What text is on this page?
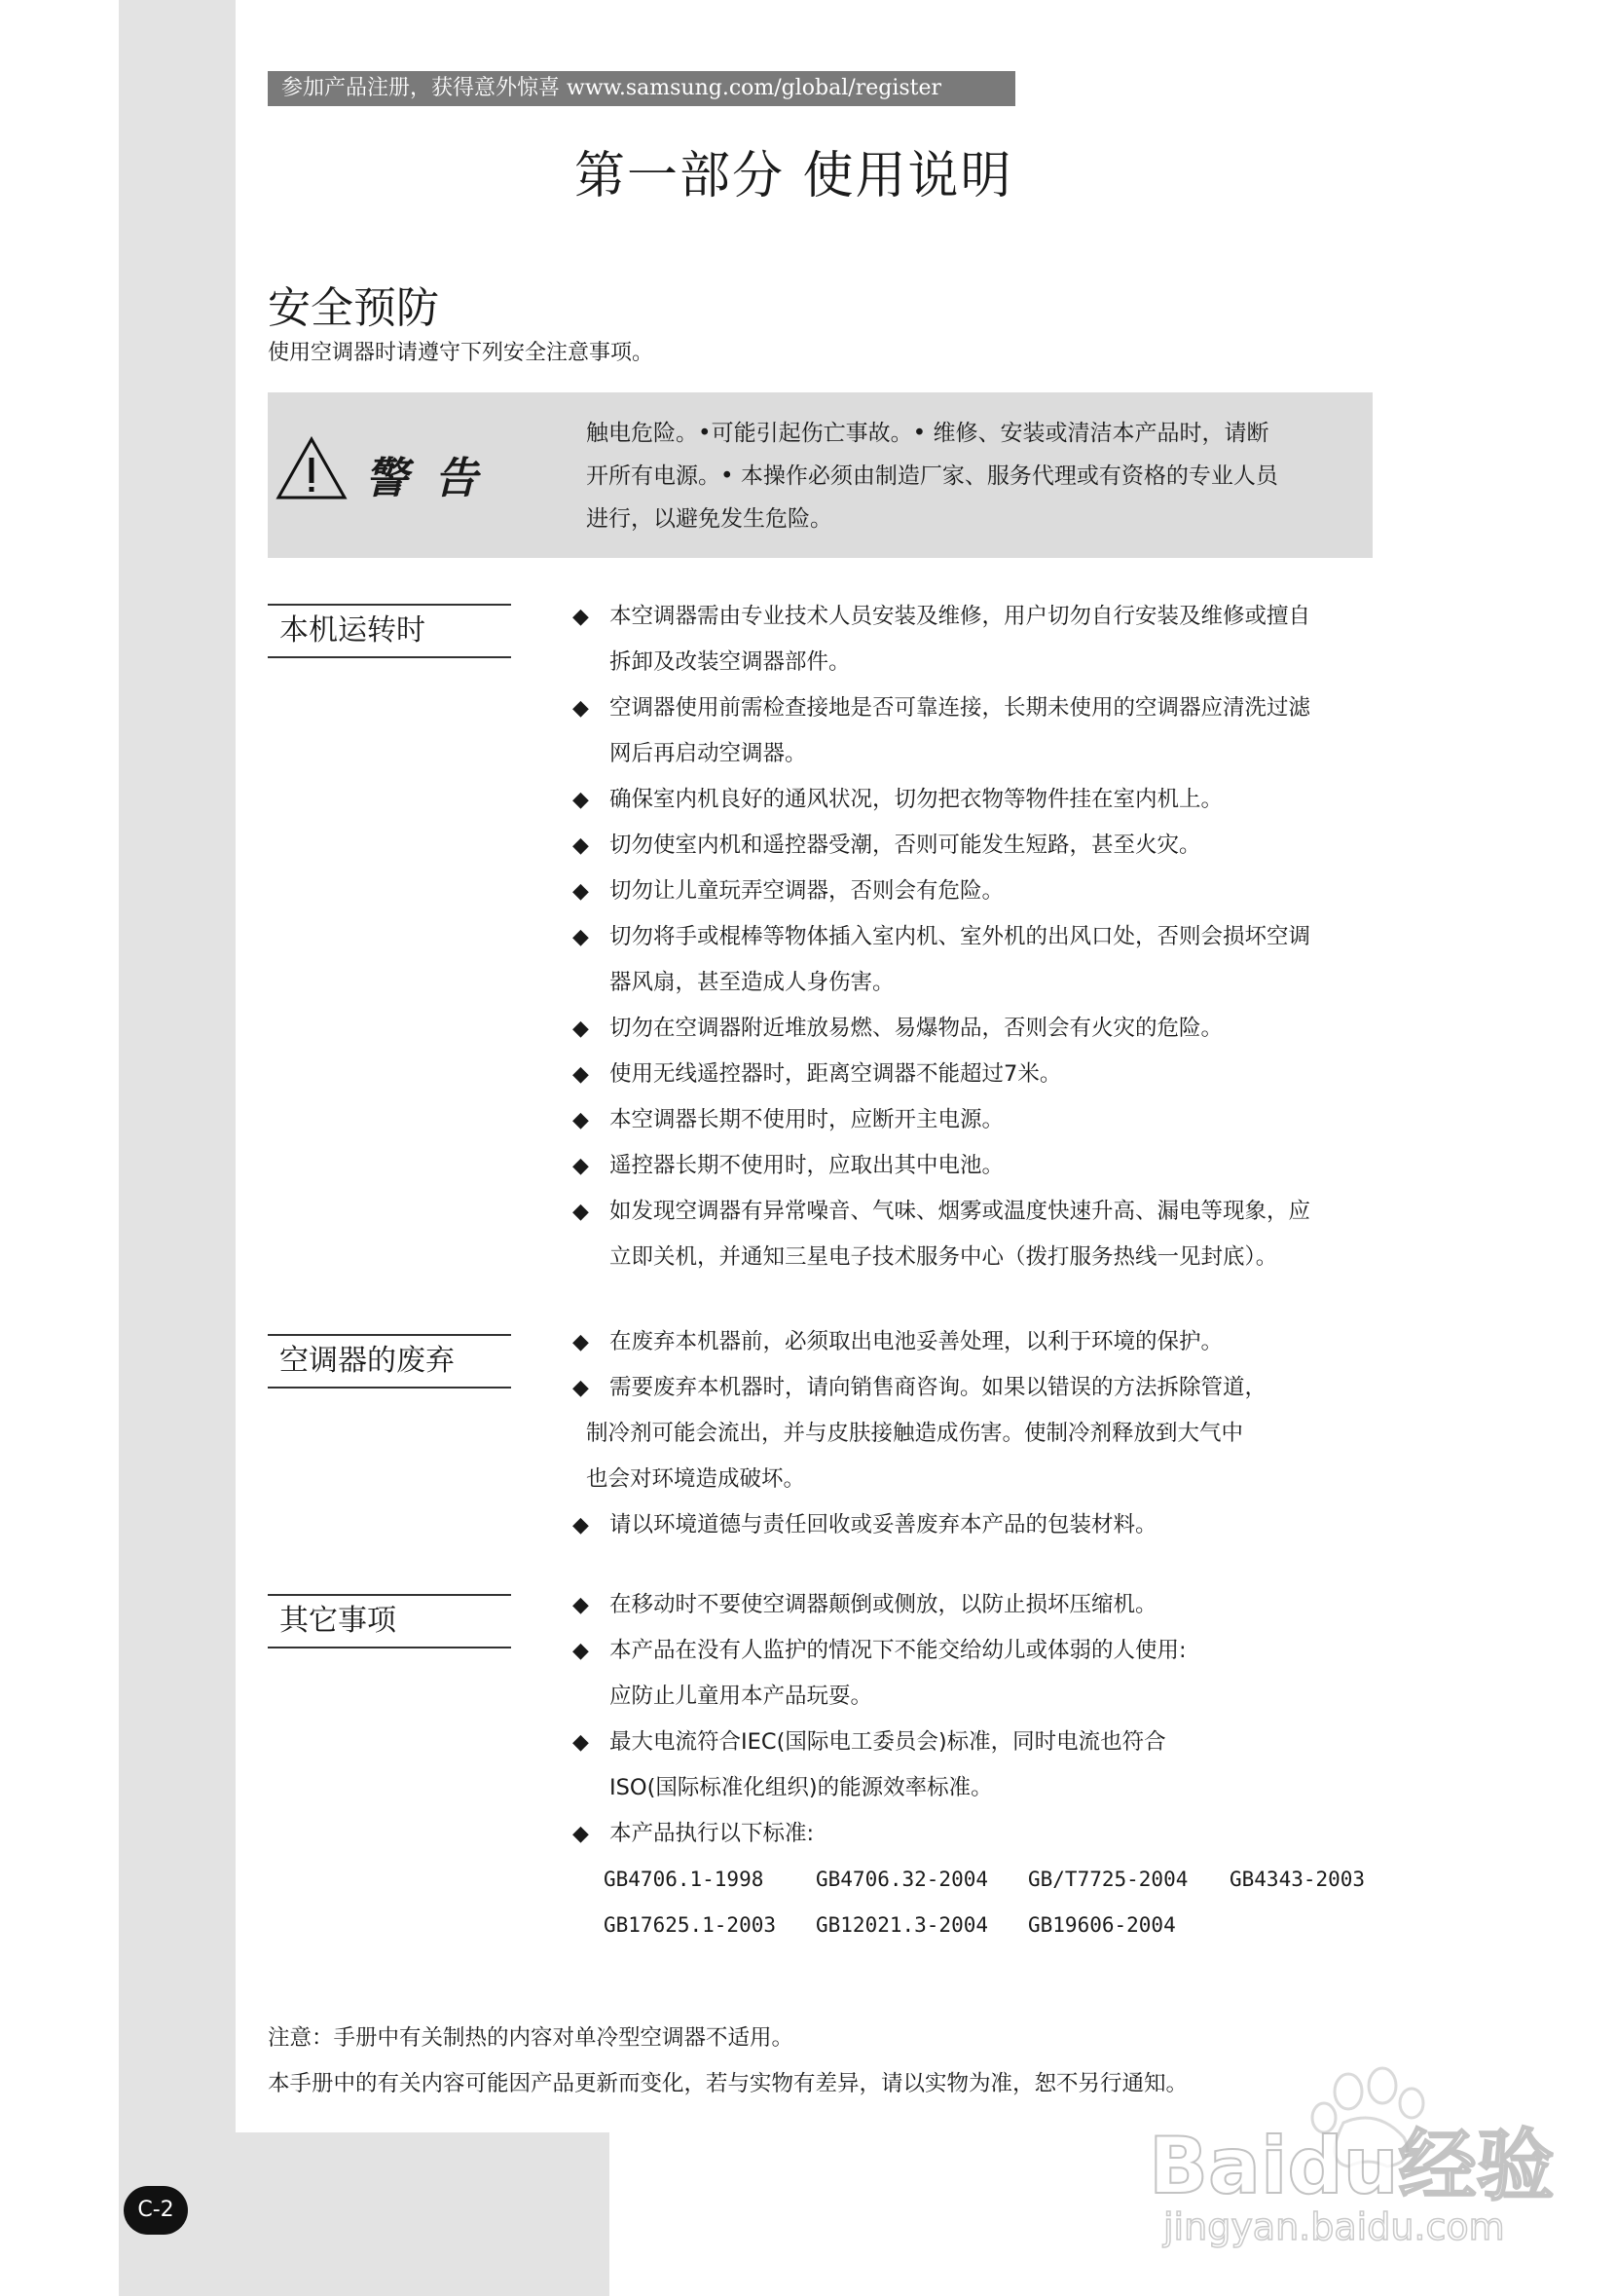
参加产品注册，获得意外惊喜 www.samsung.com/global/register
第一部分 使用说明
安全预防
使用空调器时请遵守下列安全注意事项。
警 告

触电危险。•可能引起伤亡事故。• 维修、安装或清洁本产品时，请断

开所有电源。• 本操作必须由制造厂家、服务代理或有资格的专业人员

进行，以避免发生危险。

本机运转时	◆ 本空调器需由专业技术人员安装及维修，用户切勿自行安装及维修或擅自

拆卸及改装空调器部件。

◆ 空调器使用前需检查接地是否可靠连接，长期未使用的空调器应清洗过滤

网后再启动空调器。

◆ 确保室内机良好的通风状况，切勿把衣物等物件挂在室内机上。

◆ 切勿使室内机和遥控器受潮，否则可能发生短路，甚至火灾。

◆ 切勿让儿童玩弄空调器，否则会有危险。

◆ 切勿将手或棍棒等物体插入室内机、室外机的出风口处，否则会损坏空调

器风扇，甚至造成人身伤害。

◆ 切勿在空调器附近堆放易燃、易爆物品，否则会有火灾的危险。

◆ 使用无线遥控器时，距离空调器不能超过7米。

◆ 本空调器长期不使用时，应断开主电源。

◆ 遥控器长期不使用时，应取出其中电池。

◆ 如发现空调器有异常噪音、气味、烟雾或温度快速升高、漏电等现象，应

立即关机，并通知三星电子技术服务中心（拨打服务热线一见封底）。

空调器的废弃
◆ 在废弃本机器前，必须取出电池妥善处理，以利于环境的保护。

◆ 需要废弃本机器时，请向销售商咨询。如果以错误的方法拆除管道，

制冷剂可能会流出，并与皮肤接触造成伤害。使制冷剂释放到大气中

也会对环境造成破坏。

◆ 请以环境道德与责任回收或妥善废弃本产品的包装材料。

其它事项	◆ 在移动时不要使空调器颠倒或侧放，以防止损坏压缩机。

◆ 本产品在没有人监护的情况下不能交给幼儿或体弱的人使用:

应防止儿童用本产品玩耍。

◆ 最大电流符合IEC(国际电工委员会)标准，同时电流也符合

ISO(国际标准化组织)的能源效率标准。

◆ 本产品执行以下标准:

GB4706.1-1998	GB4706.32-2004 GB/T7725-2004 GB4343-2003
GB17625.1-2003 GB12021.3-2004 GB19606-2004

注意：手册中有关制热的内容对单冷型空调器不适用。

本手册中的有关内容可能因产品更新而变化，若与实物有差异，请以实物为准，恕不另行通知。

C-2	Baidu经验
jingyan.baidu.com
